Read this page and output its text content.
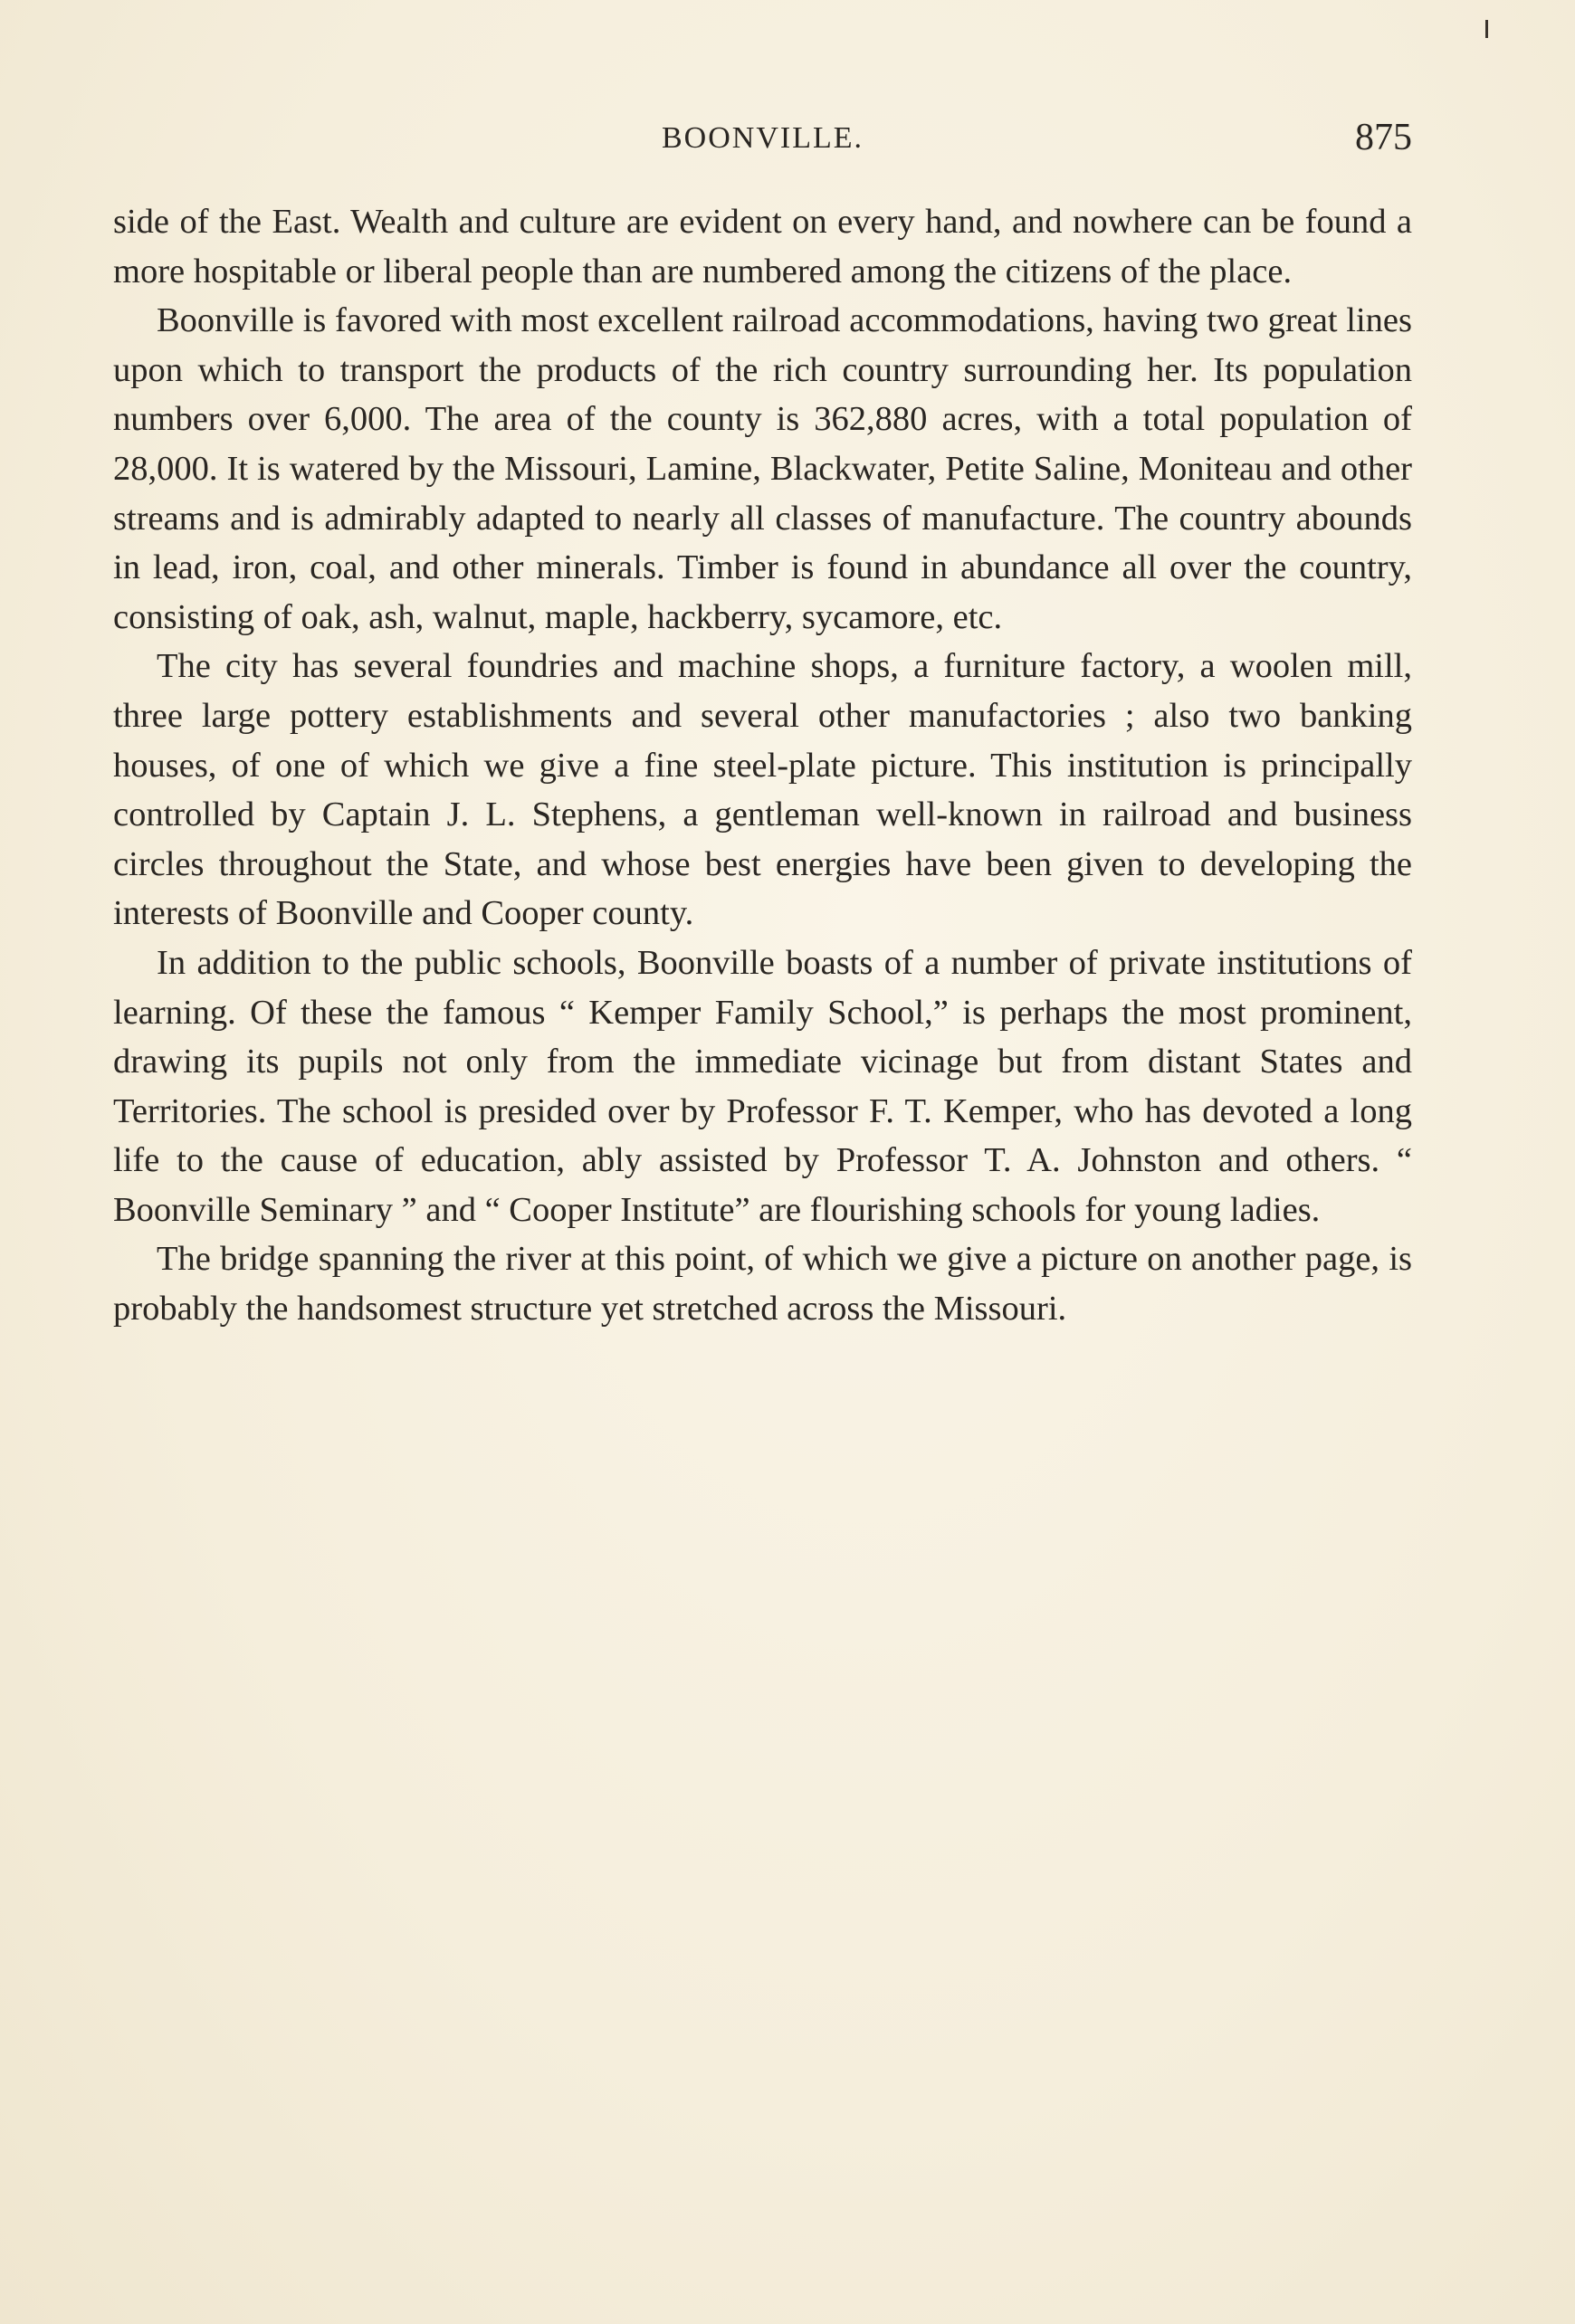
BOONVILLE.	875

side of the East. Wealth and culture are evident on every hand, and nowhere can be found a more hospitable or liberal people than are numbered among the citizens of the place.

Boonville is favored with most excellent railroad accommodations, having two great lines upon which to transport the products of the rich country surrounding her. Its population numbers over 6,000. The area of the county is 362,880 acres, with a total population of 28,000. It is watered by the Missouri, Lamine, Blackwater, Petite Saline, Moniteau and other streams and is admirably adapted to nearly all classes of manufacture. The country abounds in lead, iron, coal, and other minerals. Timber is found in abundance all over the country, consisting of oak, ash, walnut, maple, hackberry, sycamore, etc.

The city has several foundries and machine shops, a furniture factory, a woolen mill, three large pottery establishments and several other manufactories ; also two banking houses, of one of which we give a fine steel-plate picture. This institution is principally controlled by Captain J. L. Stephens, a gentleman well-known in railroad and business circles throughout the State, and whose best energies have been given to developing the interests of Boonville and Cooper county.

In addition to the public schools, Boonville boasts of a number of private institutions of learning. Of these the famous “ Kemper Family School,” is perhaps the most prominent, drawing its pupils not only from the immediate vicinage but from distant States and Territories. The school is presided over by Professor F. T. Kemper, who has devoted a long life to the cause of education, ably assisted by Professor T. A. Johnston and others. “ Boonville Seminary ” and “ Cooper Institute” are flourishing schools for young ladies.

The bridge spanning the river at this point, of which we give a picture on another page, is probably the handsomest structure yet stretched across the Missouri.
